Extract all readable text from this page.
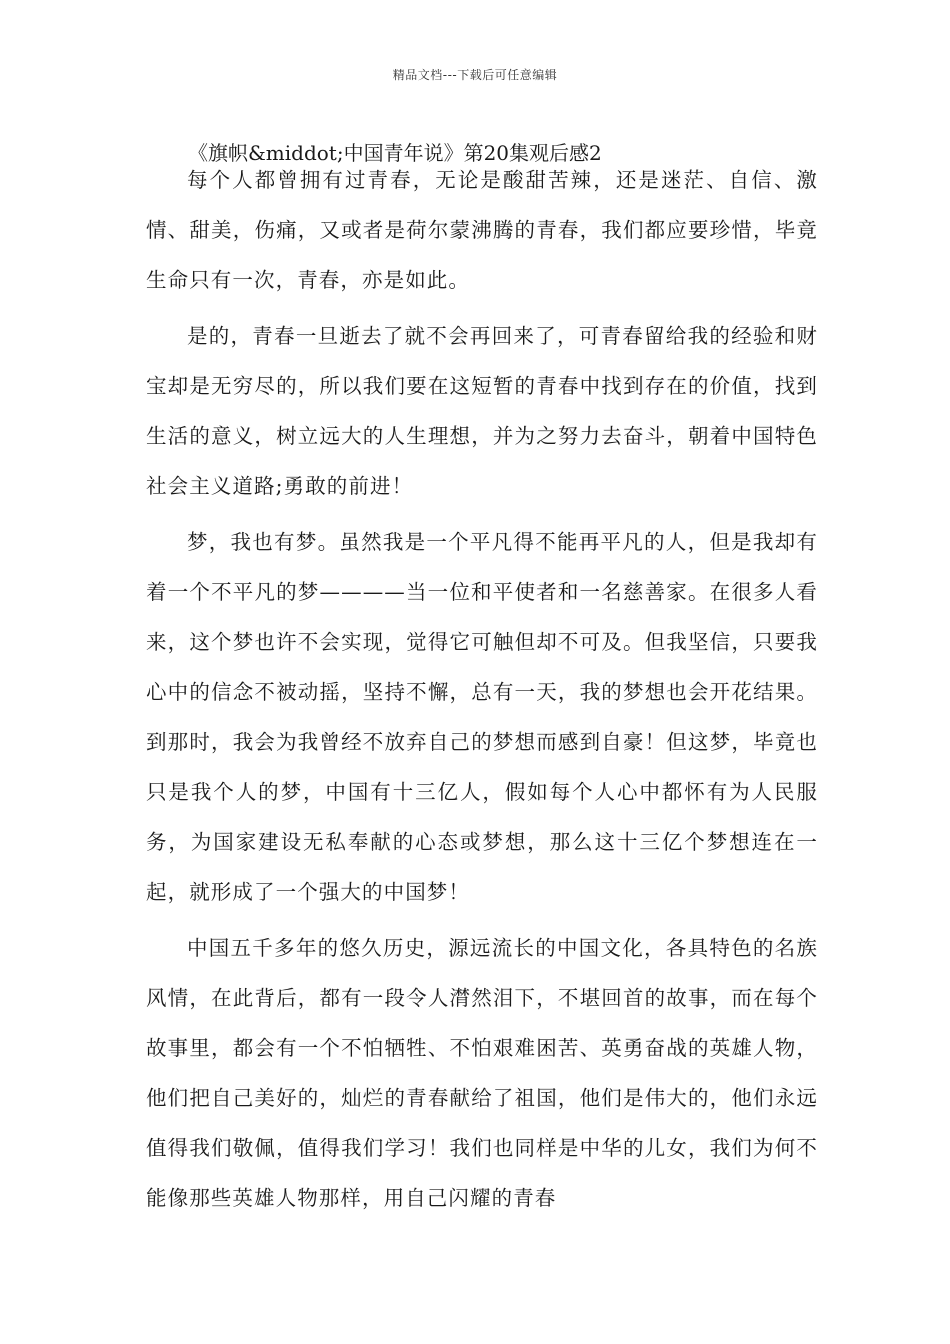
精品文档---下载后可任意编辑
《旗帜&middot;中国青年说》第20集观后感2

每个人都曾拥有过青春，无论是酸甜苦辣，还是迷茫、自信、激情、甜美，伤痛，又或者是荷尔蒙沸腾的青春，我们都应要珍惜，毕竟生命只有一次，青春，亦是如此。

是的，青春一旦逝去了就不会再回来了，可青春留给我的经验和财宝却是无穷尽的，所以我们要在这短暂的青春中找到存在的价值，找到生活的意义，树立远大的人生理想，并为之努力去奋斗，朝着中国特色社会主义道路;勇敢的前进！

梦，我也有梦。虽然我是一个平凡得不能再平凡的人，但是我却有着一个不平凡的梦————当一位和平使者和一名慈善家。在很多人看来，这个梦也许不会实现，觉得它可触但却不可及。但我坚信，只要我心中的信念不被动摇，坚持不懈，总有一天，我的梦想也会开花结果。到那时，我会为我曾经不放弃自己的梦想而感到自豪！但这梦，毕竟也只是我个人的梦，中国有十三亿人，假如每个人心中都怀有为人民服务，为国家建设无私奉献的心态或梦想，那么这十三亿个梦想连在一起，就形成了一个强大的中国梦！

中国五千多年的悠久历史，源远流长的中国文化，各具特色的名族风情，在此背后，都有一段令人潸然泪下，不堪回首的故事，而在每个故事里，都会有一个不怕牺牲、不怕艰难困苦、英勇奋战的英雄人物，他们把自己美好的，灿烂的青春献给了祖国，他们是伟大的，他们永远值得我们敬佩，值得我们学习！我们也同样是中华的儿女，我们为何不能像那些英雄人物那样，用自己闪耀的青春
